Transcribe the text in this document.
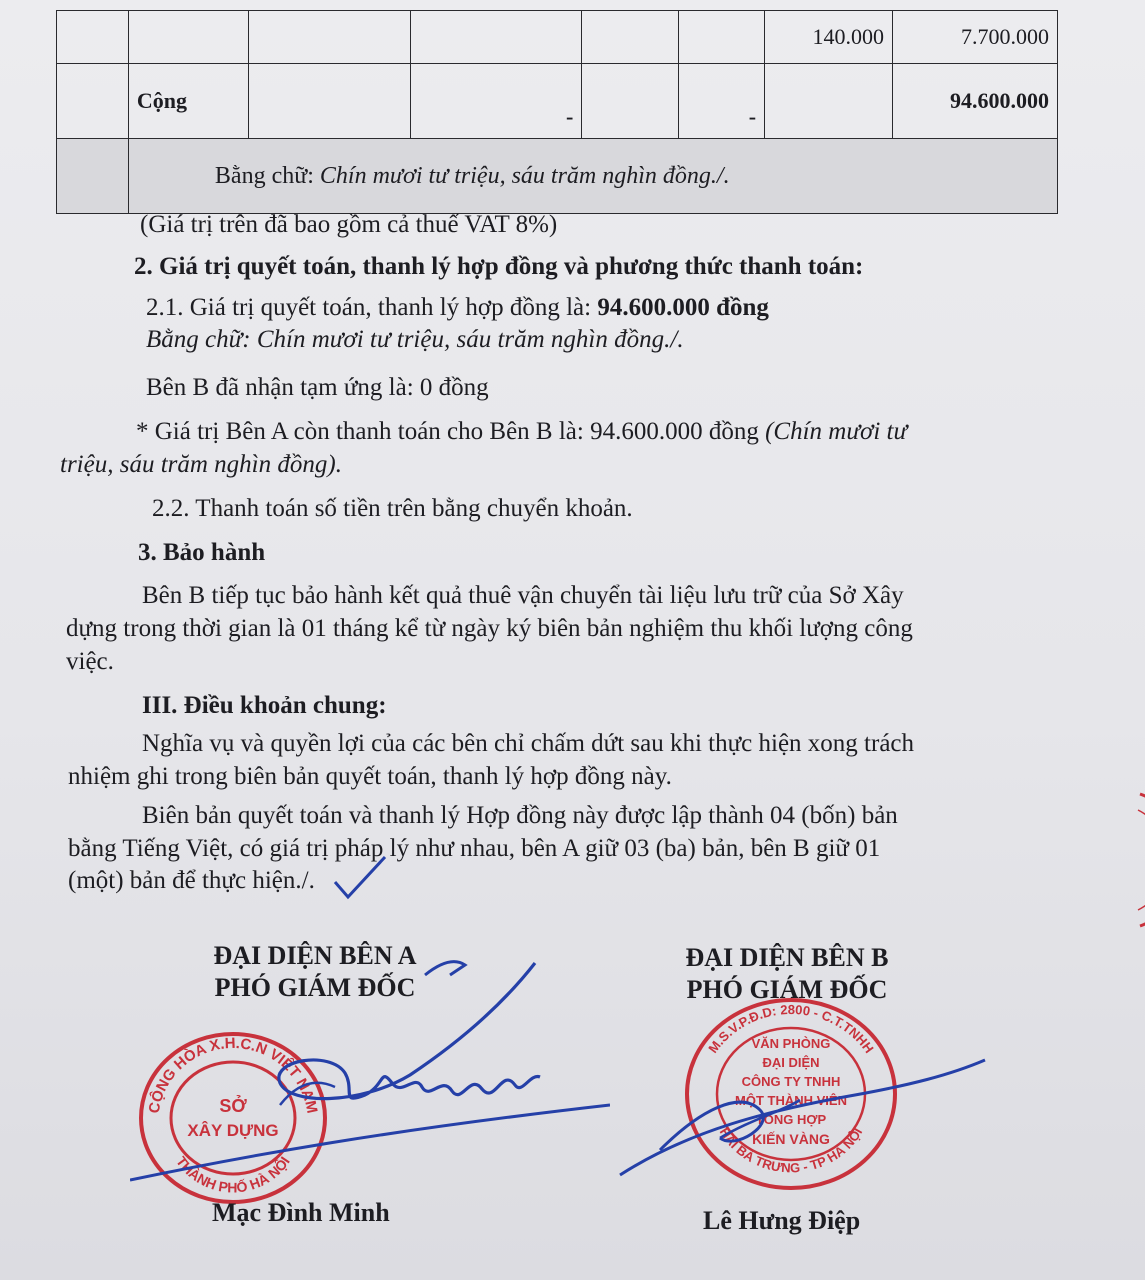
						140.000	7.700.000
	Cộng		-		-		94.600.000
	Bằng chữ: Chín mươi tư triệu, sáu trăm nghìn đồng./.
(Giá trị trên đã bao gồm cả thuế VAT 8%)
2. Giá trị quyết toán, thanh lý hợp đồng và phương thức thanh toán:
2.1. Giá trị quyết toán, thanh lý hợp đồng là: 94.600.000 đồng
Bằng chữ: Chín mươi tư triệu, sáu trăm nghìn đồng./.
Bên B đã nhận tạm ứng là: 0 đồng
* Giá trị Bên A còn thanh toán cho Bên B là: 94.600.000 đồng (Chín mươi tư
triệu, sáu trăm nghìn đồng).
2.2. Thanh toán số tiền trên bằng chuyển khoản.
3. Bảo hành
Bên B tiếp tục bảo hành kết quả thuê vận chuyển tài liệu lưu trữ của Sở Xây
dựng trong thời gian là 01 tháng kể từ ngày ký biên bản nghiệm thu khối lượng công
việc.
III. Điều khoản chung:
Nghĩa vụ và quyền lợi của các bên chỉ chấm dứt sau khi thực hiện xong trách
nhiệm ghi trong biên bản quyết toán, thanh lý hợp đồng này.
Biên bản quyết toán và thanh lý Hợp đồng này được lập thành 04 (bốn) bản
bằng Tiếng Việt, có giá trị pháp lý như nhau, bên A giữ 03 (ba) bản, bên B giữ 01
(một) bản để thực hiện./.
ĐẠI DIỆN BÊN A
PHÓ GIÁM ĐỐC
ĐẠI DIỆN BÊN B
PHÓ GIÁM ĐỐC
CỘNG HÒA X.H.C.N VIỆT NAM
THÀNH PHỐ HÀ NỘI
SỞ
XÂY DỰNG
M.S.V.P.Đ.D: 2800 - C.T.TNHH
HAI BÀ TRƯNG - TP HÀ NỘI
VĂN PHÒNG
ĐẠI DIỆN
CÔNG TY TNHH
MỘT THÀNH VIÊN
TỔNG HỢP
KIẾN VÀNG
Mạc Đình Minh	Lê Hưng Điệp
